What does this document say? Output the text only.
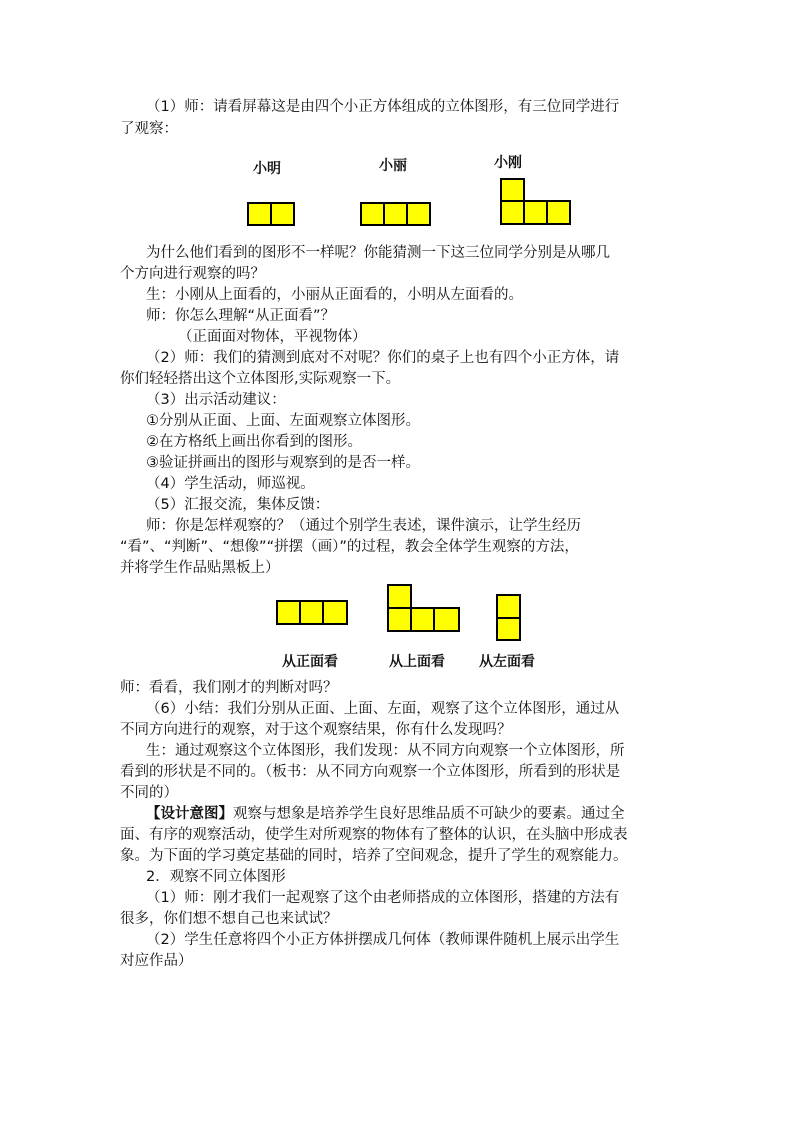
（1）师：请看屏幕这是由四个小正方体组成的立体图形，有三位同学进行
了观察：
小明	小丽	小刚
为什么他们看到的图形不一样呢？你能猜测一下这三位同学分别是从哪几
个方向进行观察的吗？
生：小刚从上面看的，小丽从正面看的，小明从左面看的。
师：你怎么理解“从正面看”？
（正面面对物体，平视物体）
（2）师：我们的猜测到底对不对呢？你们的桌子上也有四个小正方体，请
你们轻轻搭出这个立体图形,实际观察一下。
（3）出示活动建议：
①分别从正面、上面、左面观察立体图形。
②在方格纸上画出你看到的图形。
③验证拼画出的图形与观察到的是否一样。
（4）学生活动，师巡视。
（5）汇报交流，集体反馈：
师：你是怎样观察的？（通过个别学生表述，课件演示，让学生经历
“看”、“判断”、“想像”“拼摆（画）”的过程，教会全体学生观察的方法，
并将学生作品贴黑板上）
从正面看	从上面看 从左面看
师：看看，我们刚才的判断对吗？
（6）小结：我们分别从正面、上面、左面，观察了这个立体图形，通过从
不同方向进行的观察，对于这个观察结果，你有什么发现吗？
生：通过观察这个立体图形，我们发现：从不同方向观察一个立体图形，所
看到的形状是不同的。（板书：从不同方向观察一个立体图形，所看到的形状是
不同的）
【设计意图】观察与想象是培养学生良好思维品质不可缺少的要素。通过全
面、有序的观察活动，使学生对所观察的物体有了整体的认识，在头脑中形成表
象。为下面的学习奠定基础的同时，培养了空间观念，提升了学生的观察能力。
2．观察不同立体图形
（1）师：刚才我们一起观察了这个由老师搭成的立体图形，搭建的方法有
很多，你们想不想自己也来试试？
（2）学生任意将四个小正方体拼摆成几何体（教师课件随机上展示出学生
对应作品）
